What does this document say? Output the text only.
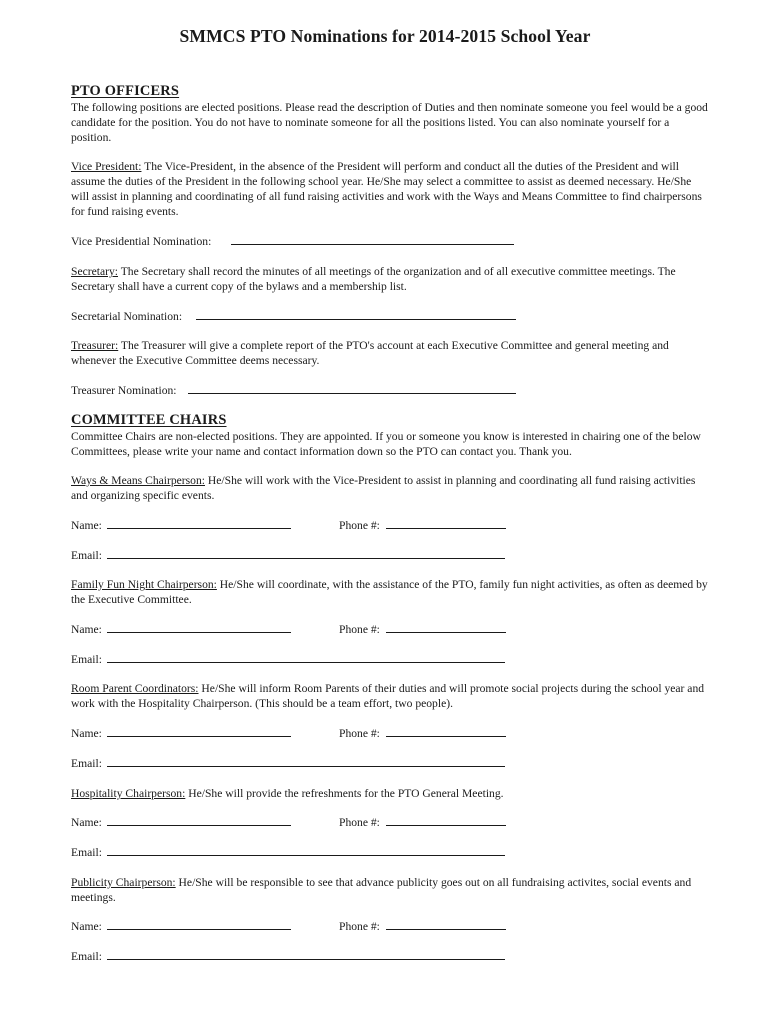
SMMCS PTO Nominations for 2014-2015 School Year
PTO OFFICERS
The following positions are elected positions. Please read the description of Duties and then nominate someone you feel would be a good candidate for the position. You do not have to nominate someone for all the positions listed. You can also nominate yourself for a position.
Vice President: The Vice-President, in the absence of the President will perform and conduct all the duties of the President and will assume the duties of the President in the following school year. He/She may select a committee to assist as deemed necessary. He/She will assist in planning and coordinating of all fund raising activities and work with the Ways and Means Committee to find chairpersons for fund raising events.
Vice Presidential Nomination:
Secretary: The Secretary shall record the minutes of all meetings of the organization and of all executive committee meetings. The Secretary shall have a current copy of the bylaws and a membership list.
Secretarial Nomination:
Treasurer: The Treasurer will give a complete report of the PTO's account at each Executive Committee and general meeting and whenever the Executive Committee deems necessary.
Treasurer Nomination:
COMMITTEE CHAIRS
Committee Chairs are non-elected positions. They are appointed. If you or someone you know is interested in chairing one of the below Committees, please write your name and contact information down so the PTO can contact you. Thank you.
Ways & Means Chairperson: He/She will work with the Vice-President to assist in planning and coordinating all fund raising activities and organizing specific events.
Name:	Phone #:
Email:
Family Fun Night Chairperson: He/She will coordinate, with the assistance of the PTO, family fun night activities, as often as deemed by the Executive Committee.
Name:	Phone #:
Email:
Room Parent Coordinators: He/She will inform Room Parents of their duties and will promote social projects during the school year and work with the Hospitality Chairperson. (This should be a team effort, two people).
Name:	Phone #:
Email:
Hospitality Chairperson: He/She will provide the refreshments for the PTO General Meeting.
Name:	Phone #:
Email:
Publicity Chairperson: He/She will be responsible to see that advance publicity goes out on all fundraising activites, social events and meetings.
Name:	Phone #:
Email:
